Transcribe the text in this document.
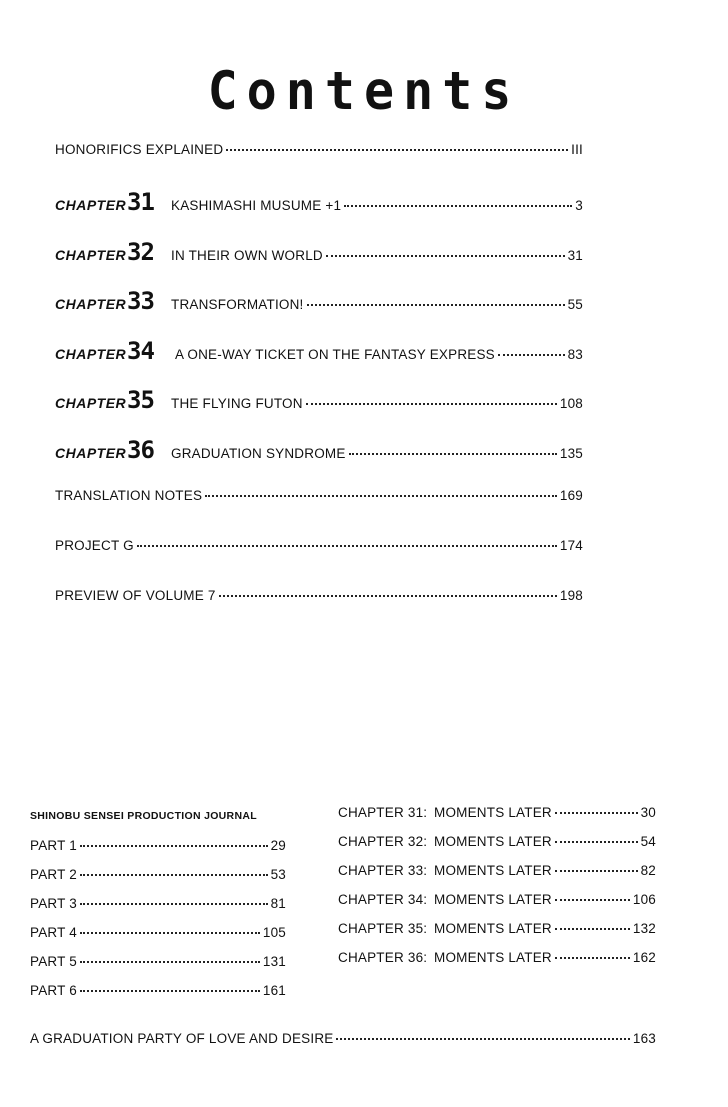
Contents
HONORIFICS EXPLAINED	III
CHAPTER 31	KASHIMASHI MUSUME +1	3
CHAPTER 32	IN THEIR OWN WORLD	31
CHAPTER 33	TRANSFORMATION!	55
CHAPTER 34	A ONE-WAY TICKET ON THE FANTASY EXPRESS	83
CHAPTER 35	THE FLYING FUTON	108
CHAPTER 36	GRADUATION SYNDROME	135
TRANSLATION NOTES	169
PROJECT G	174
PREVIEW OF VOLUME 7	198
SHINOBU SENSEI PRODUCTION JOURNAL
PART 1	29
PART 2	53
PART 3	81
PART 4	105
PART 5	131
PART 6	161
CHAPTER 31: MOMENTS LATER	30
CHAPTER 32: MOMENTS LATER	54
CHAPTER 33: MOMENTS LATER	82
CHAPTER 34: MOMENTS LATER	106
CHAPTER 35: MOMENTS LATER	132
CHAPTER 36: MOMENTS LATER	162
A GRADUATION PARTY OF LOVE AND DESIRE	163
